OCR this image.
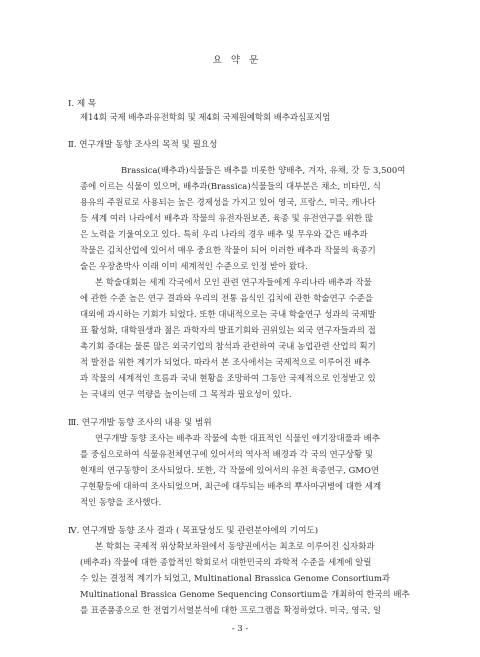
요약문
Ⅰ. 제 목
제14회 국제 배추과유전학회 및 제4회 국제원예학회 배추과심포지엄
Ⅱ. 연구개발 동향 조사의 목적 및 필요성
Brassica(배추과)식물들은 배추를 비롯한 양배추, 겨자, 유채, 갓 등 3,500여
종에 이르는 식물이 있으며, 배추과(Brassica)식물들의 대부분은 채소, 비타민, 식
용유의 주원료로 사용되는 높은 경제성을 가지고 있어 영국, 프랑스, 미국, 캐나다
등 세계 여러 나라에서 배추과 작물의 유전자원보존, 육종 및 유전연구를 위한 많
은 노력을 기울여오고 있다. 특히 우리 나라의 경우 배추 및 무우와 같은 배추과
작물은 김치산업에 있어서 매우 중요한 작물이 되어 이러한 배추과 작물의 육종기
술은 우장춘박사 이래 이미 세계적인 수준으로 인정 받아 왔다.
본 학술대회는 세계 각국에서 모인 관련 연구자들에게 우리나라 배추과 작물
에 관한 수준 높은 연구 결과와 우리의 전통 음식인 김치에 관한 학술연구 수준을
대외에 과시하는 기회가 되었다. 또한 대내적으로는 국내 학술연구 성과의 국제발
표 활성화, 대학원생과 젊은 과학자의 발표기회와 권위있는 외국 연구자들과의 접
촉기회 증대는 물론 많은 외국기업의 참석과 관련하여 국내 농업관련 산업의 획기
적 발전을 위한 계기가 되었다. 따라서 본 조사에서는 국제적으로 이루어진 배추
과 작물의 세계적인 흐름과 국내 현황을 조망하여 그동안 국제적으로 인정받고 있
는 국내의 연구 역량을 높이는데 그 목적과 필요성이 있다.
Ⅲ. 연구개발 동향 조사의 내용 및 범위
연구개발 동향 조사는 배추과 작물에 속한 대표적인 식물인 애기장대풀과 배추
를 중심으로하여 식물유전체연구에 있어서의 역사적 배경과 각 국의 연구상황 및
현재의 연구동향이 조사되었다. 또한, 각 작물에 있어서의 유전 육종연구, GMO연
구현황등에 대하여 조사되었으며, 최근에 대두되는 배추의 뿌사마귀병에 대한 세계
적인 동향을 조사했다.
Ⅳ. 연구개발 동향 조사 결과 ( 목표달성도 및 관련분야에의 기여도)
본 학회는 국제적 위상확보차원에서 동양권에서는 최초로 이루어진 십자화과
(배추과) 작물에 대한 종합적인 학회로서 대한민국의 과학적 수준을 세계에 알릴
수 있는 결정적 계기가 되었고, Multinational Brassica Genome Consortium과
Multinational Brassica Genome Sequencing Consortium을 개최하여 한국의 배추
를 표준품종으로 한 전엽기서열분석에 대한 프로그램을 확정하였다. 미국, 영국, 일
- 3 -
